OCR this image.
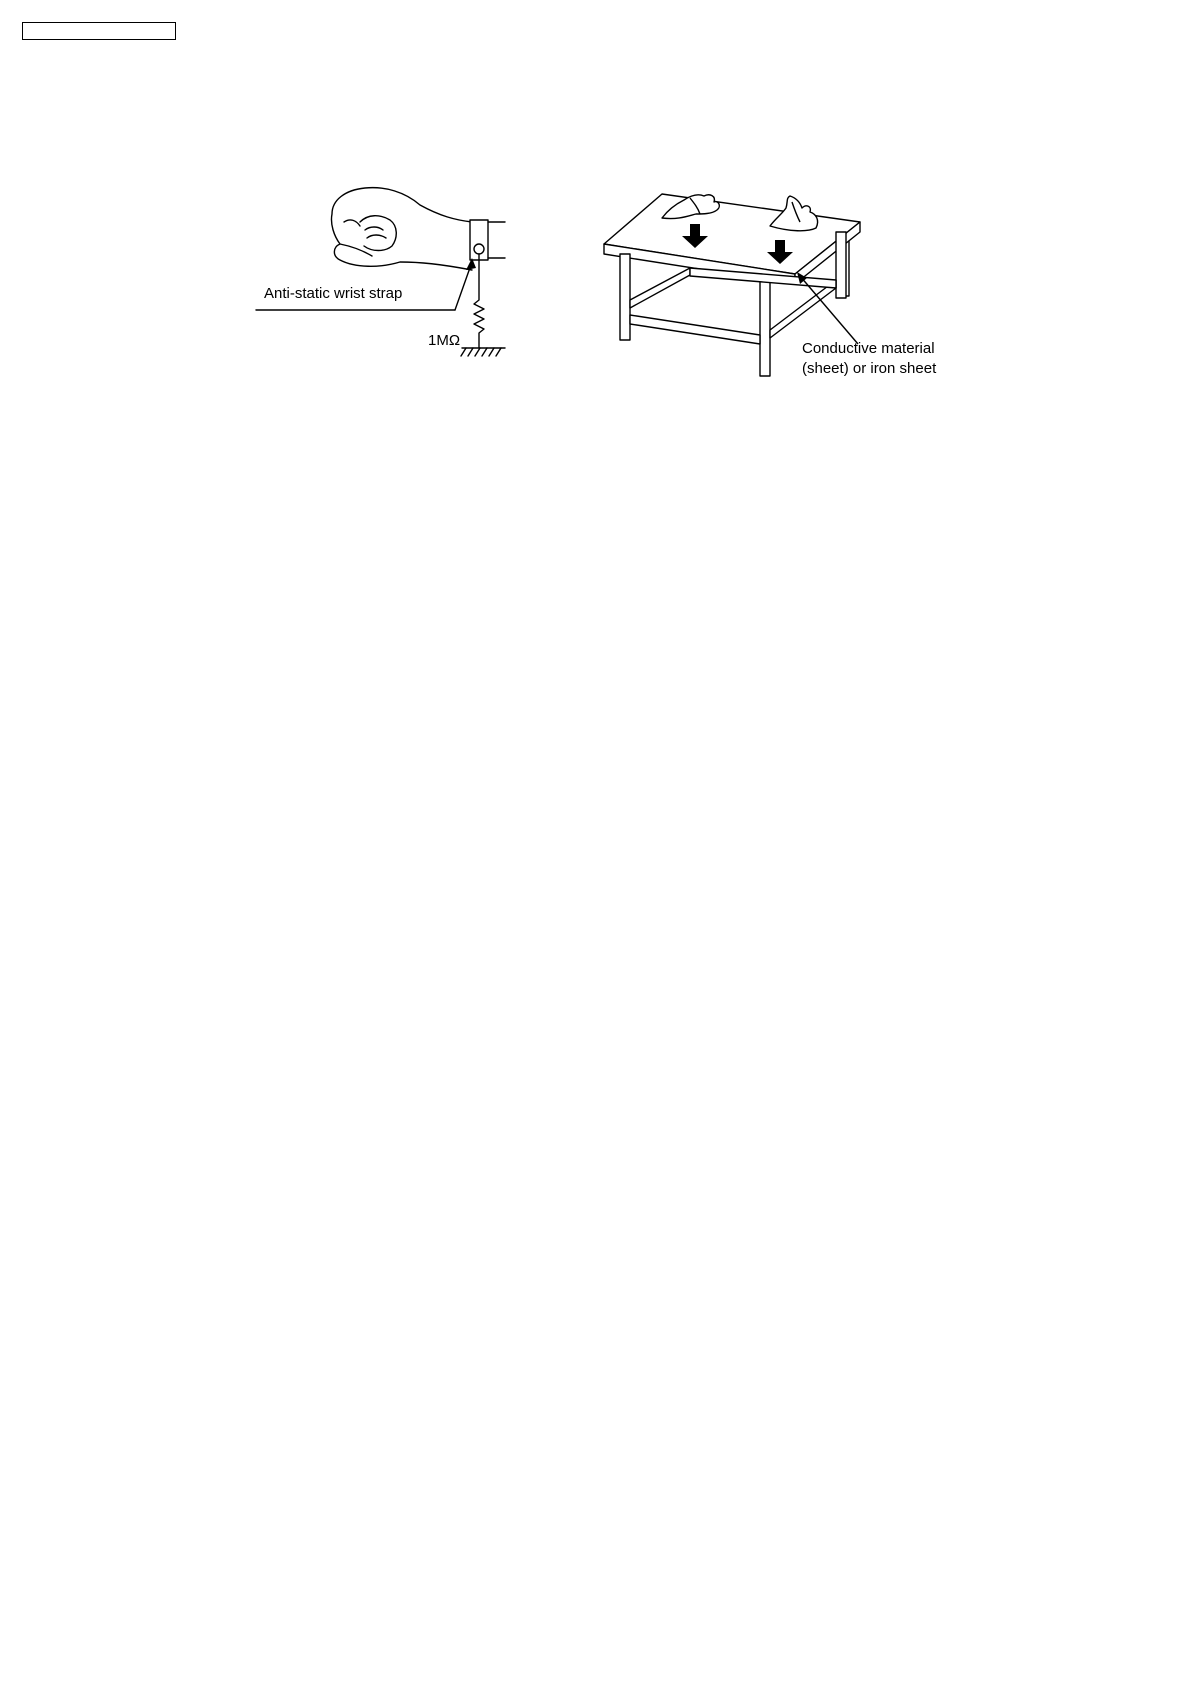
Anti-static wrist strap
1MΩ	Conductive material
(sheet) or iron sheet
